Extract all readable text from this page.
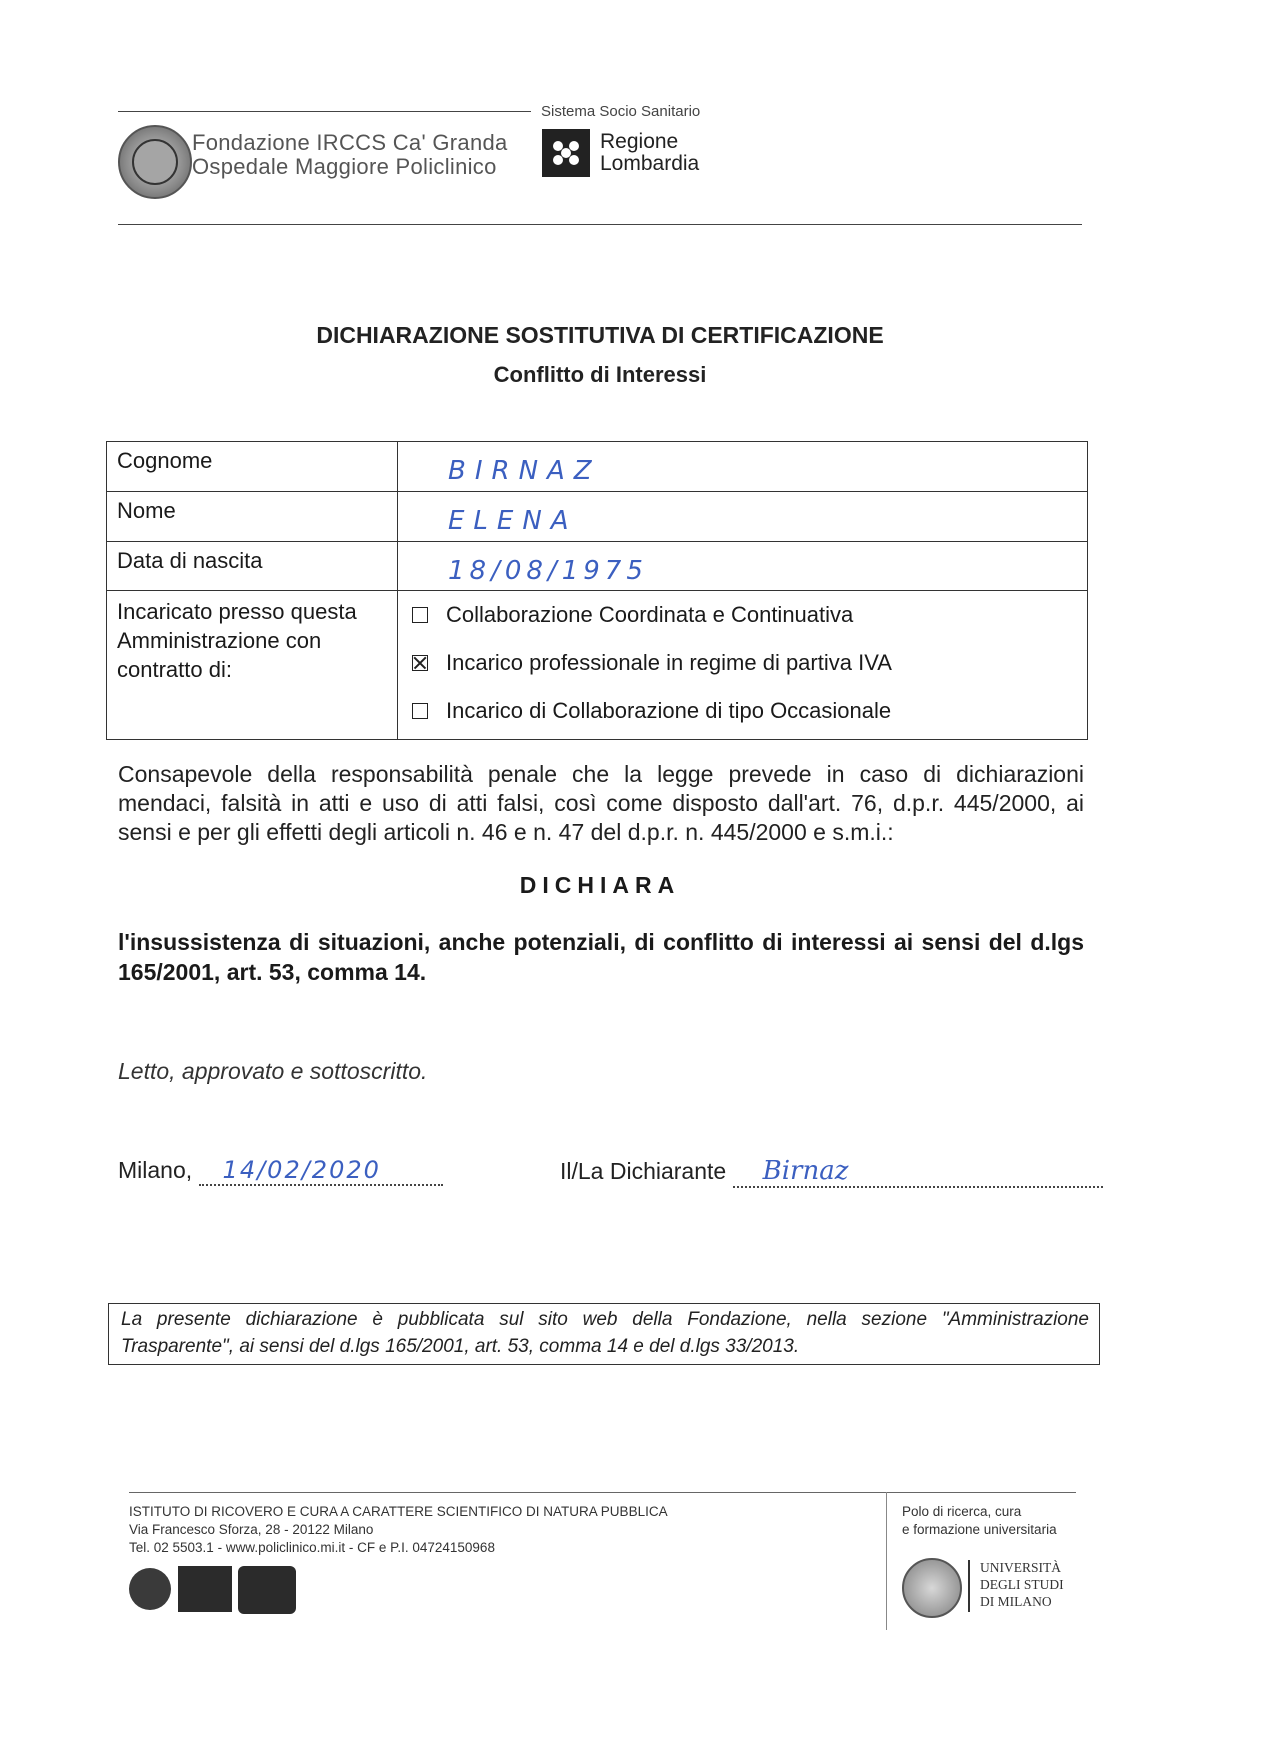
Fondazione IRCCS Ca' Granda
Ospedale Maggiore Policlinico
Sistema Socio Sanitario
Regione
Lombardia
DICHIARAZIONE SOSTITUTIVA DI CERTIFICAZIONE
Conflitto di Interessi
Cognome	BIRNAZ

Nome	ELENA

Data di nascita	18/08/1975

Incaricato presso questa Amministrazione con contratto di:	Collaborazione Coordinata e Continuativa
Incarico professionale in regime di partiva IVA
Incarico di Collaborazione di tipo Occasionale
Consapevole della responsabilità penale che la legge prevede in caso di dichiarazioni mendaci, falsità in atti e uso di atti falsi, così come disposto dall'art. 76, d.p.r. 445/2000, ai sensi e per gli effetti degli articoli n. 46 e n. 47 del d.p.r. n. 445/2000 e s.m.i.:
DICHIARA
l'insussistenza di situazioni, anche potenziali, di conflitto di interessi ai sensi del d.lgs 165/2001, art. 53, comma 14.
Letto, approvato e sottoscritto.
Milano, 14/02/2020	Il/La Dichiarante Birnaz
La presente dichiarazione è pubblicata sul sito web della Fondazione, nella sezione "Amministrazione Trasparente", ai sensi del d.lgs 165/2001, art. 53, comma 14 e del d.lgs 33/2013.
ISTITUTO DI RICOVERO E CURA A CARATTERE SCIENTIFICO DI NATURA PUBBLICA
Via Francesco Sforza, 28 - 20122 Milano
Tel. 02 5503.1 - www.policlinico.mi.it - CF e P.I. 04724150968
Polo di ricerca, cura
e formazione universitaria
UNIVERSITÀ
DEGLI STUDI
DI MILANO
